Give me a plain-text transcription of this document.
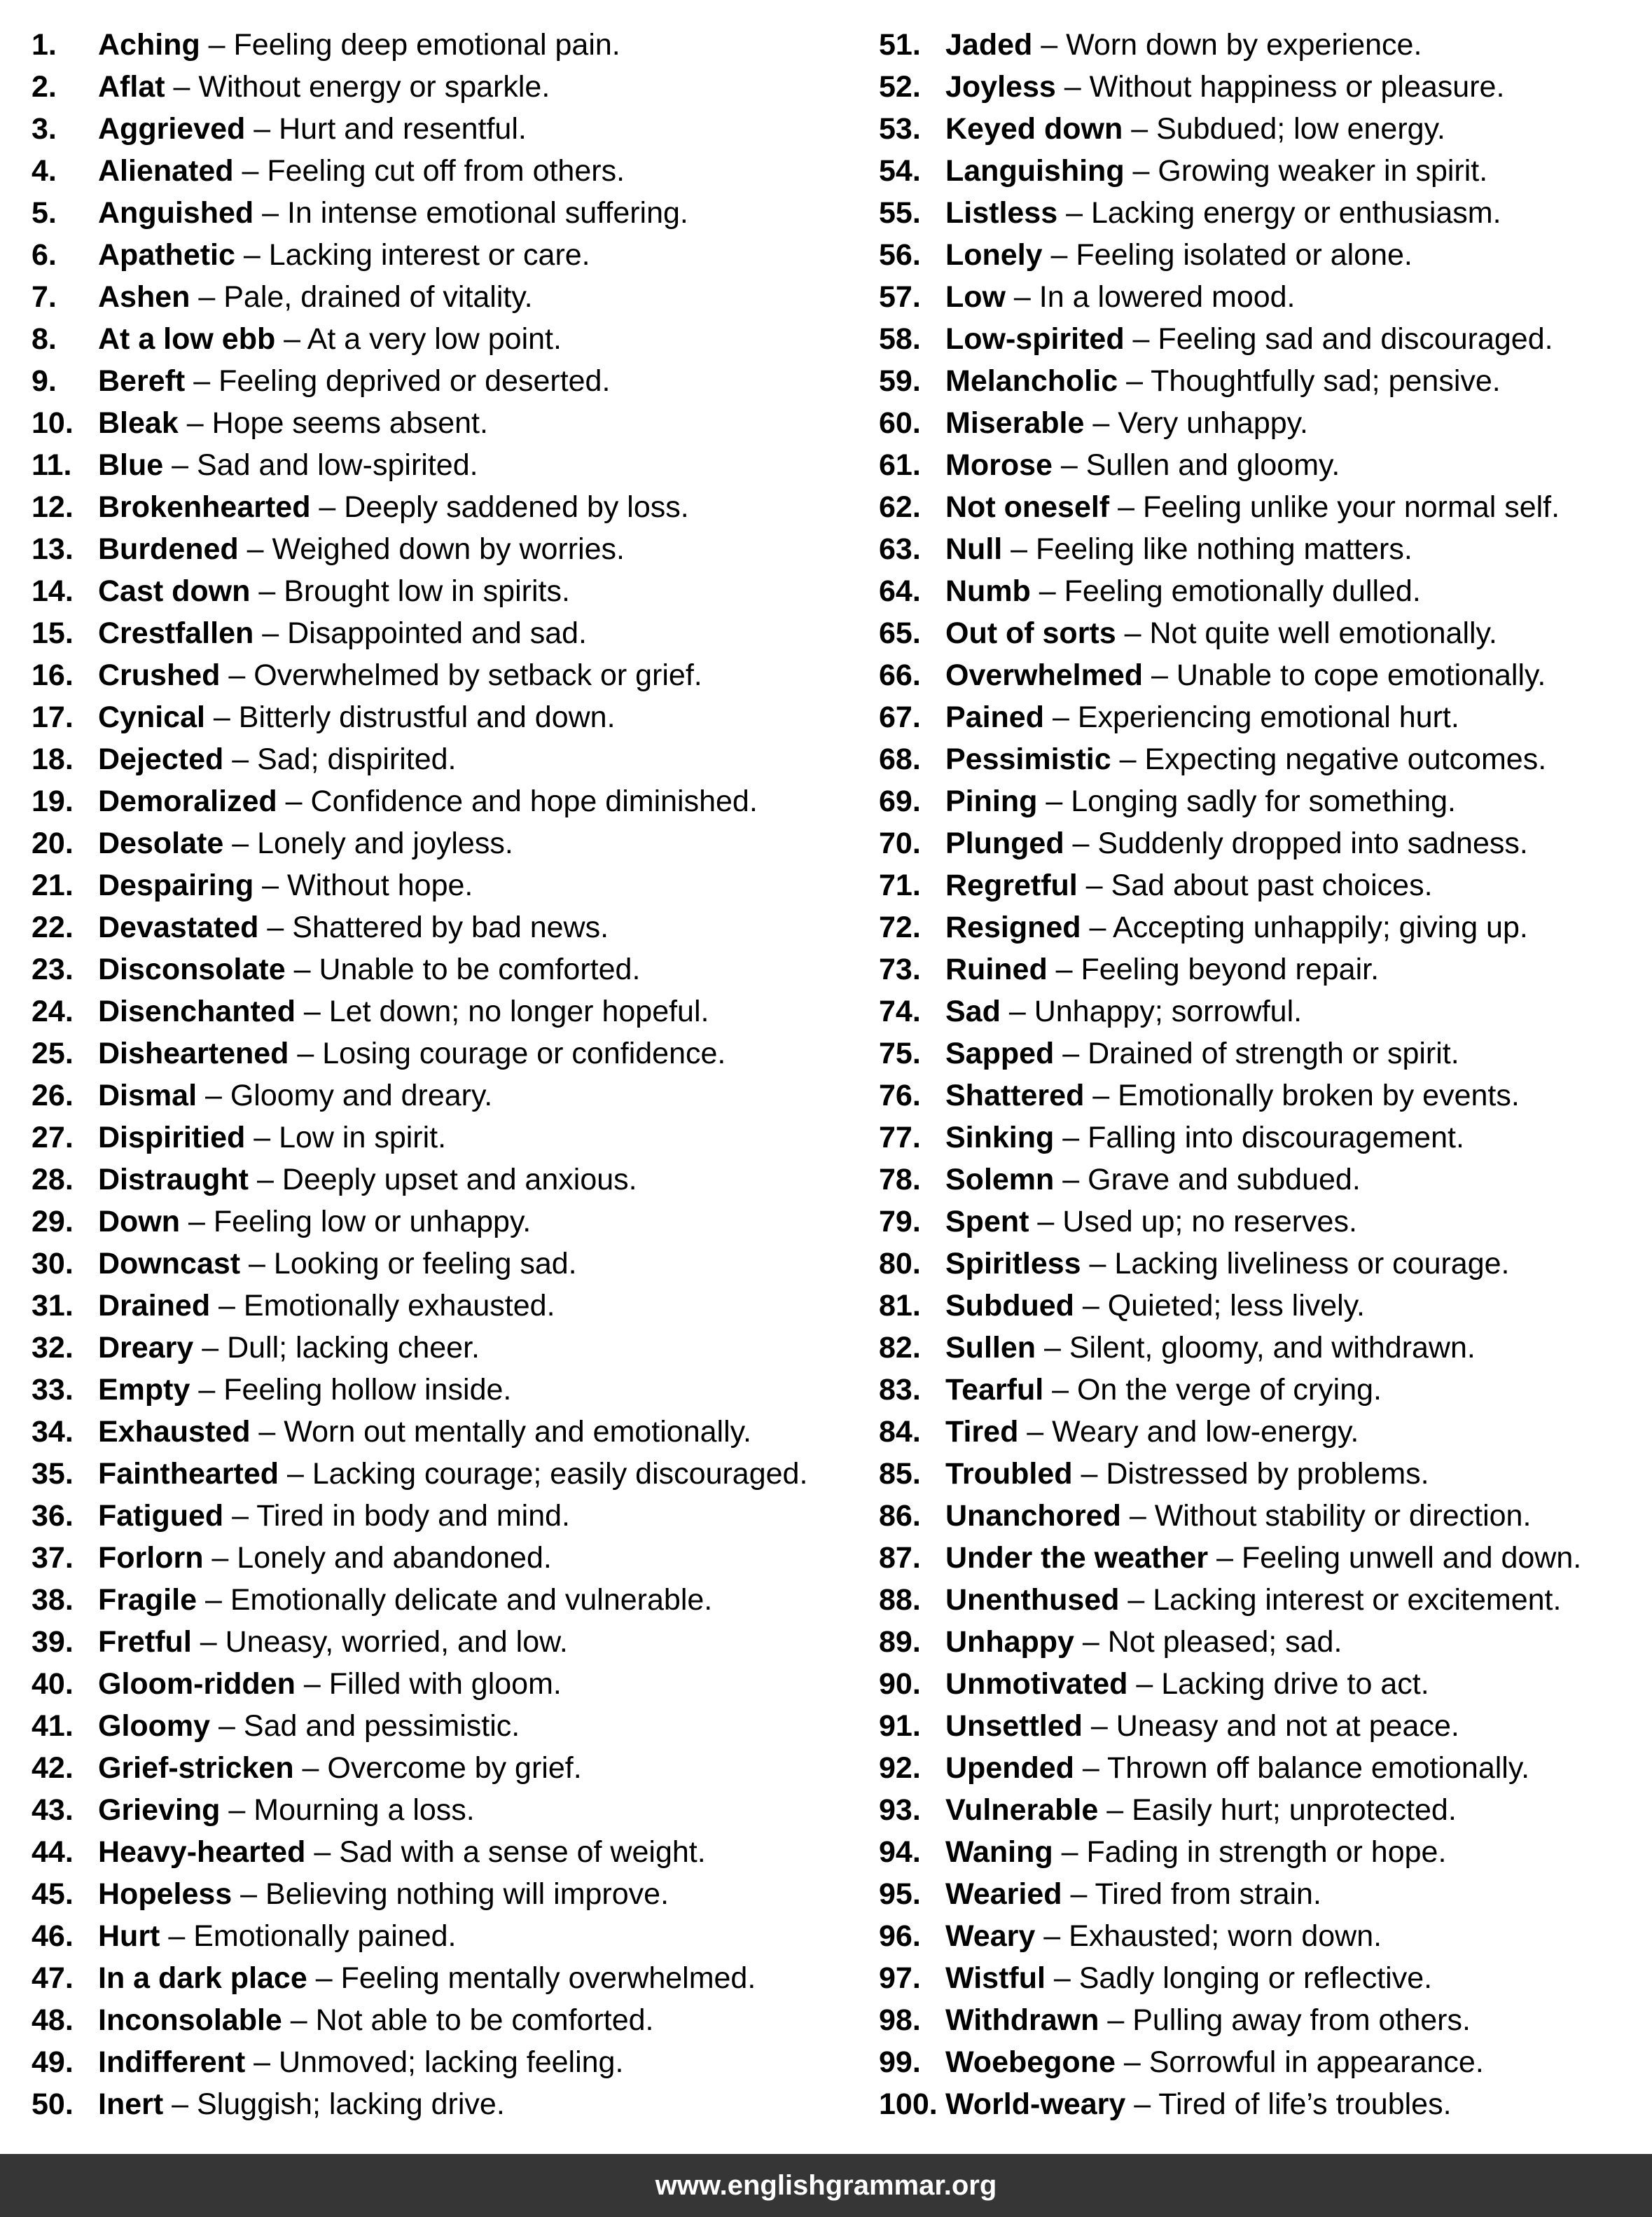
1.	Aching – Feeling deep emotional pain.
2.	Aflat – Without energy or sparkle.
3.	Aggrieved – Hurt and resentful.
4.	Alienated – Feeling cut off from others.
5.	Anguished – In intense emotional suffering.
6.	Apathetic – Lacking interest or care.
7.	Ashen – Pale, drained of vitality.
8.	At a low ebb – At a very low point.
9.	Bereft – Feeling deprived or deserted.
10. Bleak – Hope seems absent.
11. Blue – Sad and low-spirited.
12. Brokenhearted – Deeply saddened by loss.
13. Burdened – Weighed down by worries.
14. Cast down – Brought low in spirits.
15. Crestfallen – Disappointed and sad.
16. Crushed – Overwhelmed by setback or grief.
17. Cynical – Bitterly distrustful and down.
18. Dejected – Sad; dispirited.
19. Demoralized – Confidence and hope diminished.
20. Desolate – Lonely and joyless.
21. Despairing – Without hope.
22. Devastated – Shattered by bad news.
23. Disconsolate – Unable to be comforted.
24. Disenchanted – Let down; no longer hopeful.
25. Disheartened – Losing courage or confidence.
26. Dismal – Gloomy and dreary.
27. Dispiritied – Low in spirit.
28. Distraught – Deeply upset and anxious.
29. Down – Feeling low or unhappy.
30. Downcast – Looking or feeling sad.
31. Drained – Emotionally exhausted.
32. Dreary – Dull; lacking cheer.
33. Empty – Feeling hollow inside.
34. Exhausted – Worn out mentally and emotionally.
35. Fainthearted – Lacking courage; easily discouraged.
36. Fatigued – Tired in body and mind.
37. Forlorn – Lonely and abandoned.
38. Fragile – Emotionally delicate and vulnerable.
39. Fretful – Uneasy, worried, and low.
40. Gloom-ridden – Filled with gloom.
41. Gloomy – Sad and pessimistic.
42. Grief-stricken – Overcome by grief.
43. Grieving – Mourning a loss.
44. Heavy-hearted – Sad with a sense of weight.
45. Hopeless – Believing nothing will improve.
46. Hurt – Emotionally pained.
47. In a dark place – Feeling mentally overwhelmed.
48. Inconsolable – Not able to be comforted.
49. Indifferent – Unmoved; lacking feeling.
50. Inert – Sluggish; lacking drive.
51. Jaded – Worn down by experience.
52. Joyless – Without happiness or pleasure.
53. Keyed down – Subdued; low energy.
54. Languishing – Growing weaker in spirit.
55. Listless – Lacking energy or enthusiasm.
56. Lonely – Feeling isolated or alone.
57. Low – In a lowered mood.
58. Low-spirited – Feeling sad and discouraged.
59. Melancholic – Thoughtfully sad; pensive.
60. Miserable – Very unhappy.
61. Morose – Sullen and gloomy.
62. Not oneself – Feeling unlike your normal self.
63. Null – Feeling like nothing matters.
64. Numb – Feeling emotionally dulled.
65. Out of sorts – Not quite well emotionally.
66. Overwhelmed – Unable to cope emotionally.
67. Pained – Experiencing emotional hurt.
68. Pessimistic – Expecting negative outcomes.
69. Pining – Longing sadly for something.
70. Plunged – Suddenly dropped into sadness.
71. Regretful – Sad about past choices.
72. Resigned – Accepting unhappily; giving up.
73. Ruined – Feeling beyond repair.
74. Sad – Unhappy; sorrowful.
75. Sapped – Drained of strength or spirit.
76. Shattered – Emotionally broken by events.
77. Sinking – Falling into discouragement.
78. Solemn – Grave and subdued.
79. Spent – Used up; no reserves.
80. Spiritless – Lacking liveliness or courage.
81. Subdued – Quieted; less lively.
82. Sullen – Silent, gloomy, and withdrawn.
83. Tearful – On the verge of crying.
84. Tired – Weary and low-energy.
85. Troubled – Distressed by problems.
86. Unanchored – Without stability or direction.
87. Under the weather – Feeling unwell and down.
88. Unenthused – Lacking interest or excitement.
89. Unhappy – Not pleased; sad.
90. Unmotivated – Lacking drive to act.
91. Unsettled – Uneasy and not at peace.
92. Upended – Thrown off balance emotionally.
93. Vulnerable – Easily hurt; unprotected.
94. Waning – Fading in strength or hope.
95. Wearied – Tired from strain.
96. Weary – Exhausted; worn down.
97. Wistful – Sadly longing or reflective.
98. Withdrawn – Pulling away from others.
99. Woebegone – Sorrowful in appearance.
100. World-weary – Tired of life’s troubles.
www.englishgrammar.org
